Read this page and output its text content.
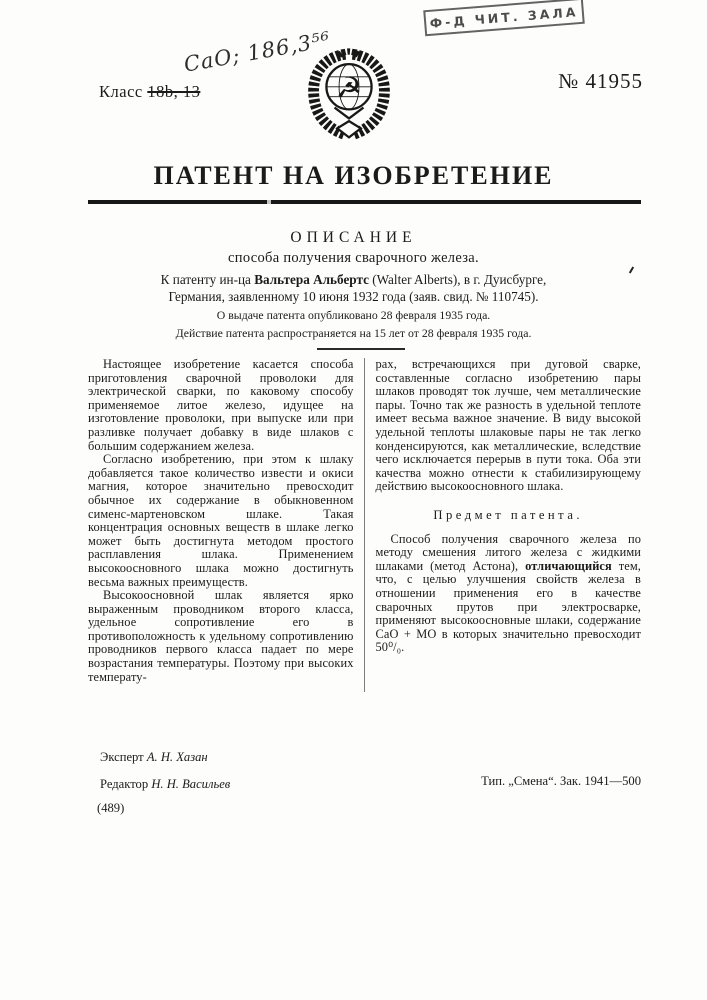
Ф-Д ЧИТ. ЗАЛА
CaO; 186,3⁵⁶
Класс 18b, 13	☭	№ 41955
ПАТЕНТ НА ИЗОБРЕТЕНИЕ
ОПИСАНИЕ
способа получения сварочного железа.
К патенту ин-ца Вальтера Альбертс (Walter Alberts), в г. Дуисбурге,
Германия, заявленному 10 июня 1932 года (заяв. свид. № 110745).
О выдаче патента опубликовано 28 февраля 1935 года.
Действие патента распространяется на 15 лет от 28 февраля 1935 года.

Настоящее изобретение касается способа приготовления сварочной проволоки для электрической сварки, по каковому способу применяемое литое железо, идущее на изготовление проволоки, при выпуске или при разливке получает добавку в виде шлаков с большим содержанием железа.

Согласно изобретению, при этом к шлаку добавляется такое количество извести и окиси магния, которое значительно превосходит обычное их содержание в обыкновенном сименс-мартеновском шлаке. Такая концентрация основных веществ в шлаке легко может быть достигнута методом простого расплавления шлака. Применением высокоосновного шлака можно достигнуть весьма важных преимуществ.

Высокоосновной шлак является ярко выраженным проводником второго класса, удельное сопротивление его в противоположность к удельному сопротивлению проводников первого класса падает по мере возрастания температуры. Поэтому при высоких температу-

рах, встречающихся при дуговой сварке, составленные согласно изобретению пары шлаков проводят ток лучше, чем металлические пары. Точно так же разность в удельной теплоте имеет весьма важное значение. В виду высокой удельной теплоты шлаковые пары не так легко конденсируются, как металлические, вследствие чего исключается перерыв в пути тока. Оба эти качества можно отнести к стабилизирующему действию высокоосновного шлака.

Предмет патента.

Способ получения сварочного железа по методу смешения литого железа с жидкими шлаками (метод Астона), отличающийся тем, что, с целью улучшения свойств железа в отношении применения его в качестве сварочных прутов при электросварке, применяют высокоосновные шлаки, содержание CaO + MO в которых значительно превосходит 50⁰/₀.

Эксперт А. Н. Хазан
Редактор Н. Н. Васильев	Тип. „Смена“. Зак. 1941—500
(489)
